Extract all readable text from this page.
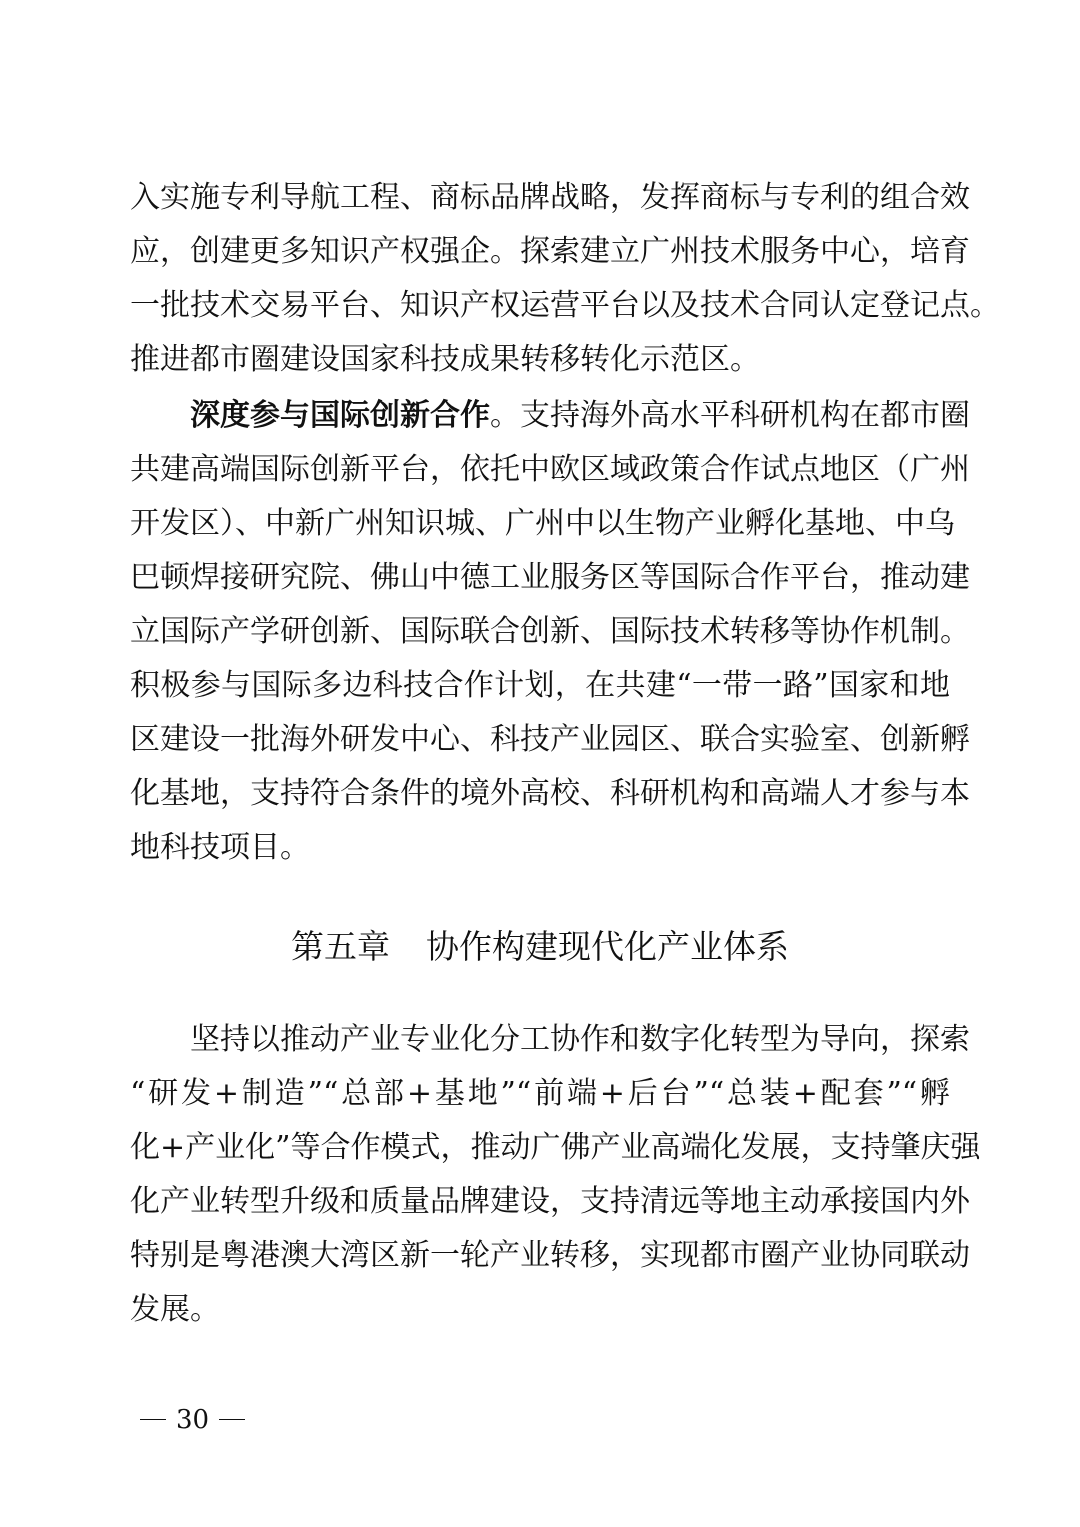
入实施专利导航工程、商标品牌战略，发挥商标与专利的组合效
应，创建更多知识产权强企。探索建立广州技术服务中心，培育
一批技术交易平台、知识产权运营平台以及技术合同认定登记点。
推进都市圈建设国家科技成果转移转化示范区。
深度参与国际创新合作。支持海外高水平科研机构在都市圈
共建高端国际创新平台，依托中欧区域政策合作试点地区（广州
开发区）、中新广州知识城、广州中以生物产业孵化基地、中乌
巴顿焊接研究院、佛山中德工业服务区等国际合作平台，推动建
立国际产学研创新、国际联合创新、国际技术转移等协作机制。
积极参与国际多边科技合作计划，在共建“一带一路”国家和地
区建设一批海外研发中心、科技产业园区、联合实验室、创新孵
化基地，支持符合条件的境外高校、科研机构和高端人才参与本
地科技项目。
第五章 协作构建现代化产业体系
坚持以推动产业专业化分工协作和数字化转型为导向，探索
“研发+制造”“总部+基地”“前端+后台”“总装+配套”“孵
化+产业化”等合作模式，推动广佛产业高端化发展，支持肇庆强
化产业转型升级和质量品牌建设，支持清远等地主动承接国内外
特别是粤港澳大湾区新一轮产业转移，实现都市圈产业协同联动
发展。
30
